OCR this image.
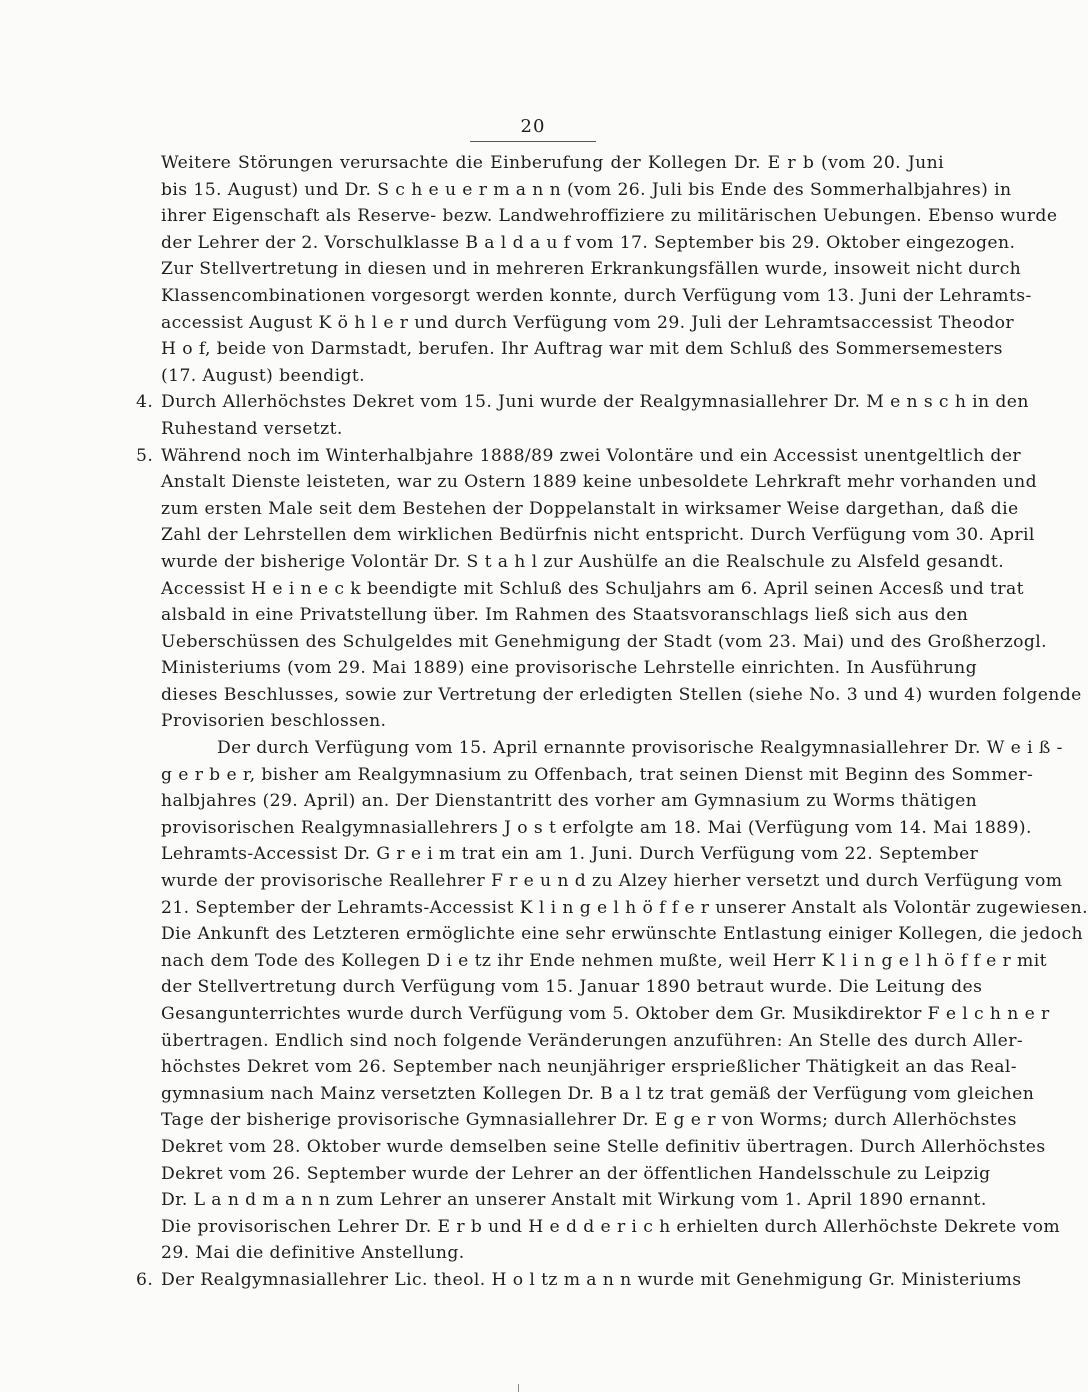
20
Weitere Störungen verursachte die Einberufung der Kollegen Dr. E r b (vom 20. Juni
bis 15. August) und Dr. S c h e u e r m a n n (vom 26. Juli bis Ende des Sommerhalbjahres) in
ihrer Eigenschaft als Reserve- bezw. Landwehroffiziere zu militärischen Uebungen. Ebenso wurde
der Lehrer der 2. Vorschulklasse B a l d a u f vom 17. September bis 29. Oktober eingezogen.
Zur Stellvertretung in diesen und in mehreren Erkrankungsfällen wurde, insoweit nicht durch
Klassencombinationen vorgesorgt werden konnte, durch Verfügung vom 13. Juni der Lehramts-
accessist August K ö h l e r und durch Verfügung vom 29. Juli der Lehramtsaccessist Theodor
H o f, beide von Darmstadt, berufen. Ihr Auftrag war mit dem Schluß des Sommersemesters
(17. August) beendigt.
4. Durch Allerhöchstes Dekret vom 15. Juni wurde der Realgymnasiallehrer Dr. M e n s c h in den
Ruhestand versetzt.
5. Während noch im Winterhalbjahre 1888/89 zwei Volontäre und ein Accessist unentgeltlich der
Anstalt Dienste leisteten, war zu Ostern 1889 keine unbesoldete Lehrkraft mehr vorhanden und
zum ersten Male seit dem Bestehen der Doppelanstalt in wirksamer Weise dargethan, daß die
Zahl der Lehrstellen dem wirklichen Bedürfnis nicht entspricht. Durch Verfügung vom 30. April
wurde der bisherige Volontär Dr. S t a h l zur Aushülfe an die Realschule zu Alsfeld gesandt.
Accessist H e i n e c k beendigte mit Schluß des Schuljahrs am 6. April seinen Accesß und trat
alsbald in eine Privatstellung über. Im Rahmen des Staatsvoranschlags ließ sich aus den
Ueberschüssen des Schulgeldes mit Genehmigung der Stadt (vom 23. Mai) und des Großherzogl.
Ministeriums (vom 29. Mai 1889) eine provisorische Lehrstelle einrichten. In Ausführung
dieses Beschlusses, sowie zur Vertretung der erledigten Stellen (siehe No. 3 und 4) wurden folgende
Provisorien beschlossen.
Der durch Verfügung vom 15. April ernannte provisorische Realgymnasiallehrer Dr. W e i ß -
g e r b e r, bisher am Realgymnasium zu Offenbach, trat seinen Dienst mit Beginn des Sommer-
halbjahres (29. April) an. Der Dienstantritt des vorher am Gymnasium zu Worms thätigen
provisorischen Realgymnasiallehrers J o s t erfolgte am 18. Mai (Verfügung vom 14. Mai 1889).
Lehramts-Accessist Dr. G r e i m trat ein am 1. Juni. Durch Verfügung vom 22. September
wurde der provisorische Reallehrer F r e u n d zu Alzey hierher versetzt und durch Verfügung vom
21. September der Lehramts-Accessist K l i n g e l h ö f f e r unserer Anstalt als Volontär zugewiesen.
Die Ankunft des Letzteren ermöglichte eine sehr erwünschte Entlastung einiger Kollegen, die jedoch
nach dem Tode des Kollegen D i e tz ihr Ende nehmen mußte, weil Herr K l i n g e l h ö f f e r mit
der Stellvertretung durch Verfügung vom 15. Januar 1890 betraut wurde. Die Leitung des
Gesangunterrichtes wurde durch Verfügung vom 5. Oktober dem Gr. Musikdirektor F e l c h n e r
übertragen. Endlich sind noch folgende Veränderungen anzuführen: An Stelle des durch Aller-
höchstes Dekret vom 26. September nach neunjähriger ersprießlicher Thätigkeit an das Real-
gymnasium nach Mainz versetzten Kollegen Dr. B a l tz trat gemäß der Verfügung vom gleichen
Tage der bisherige provisorische Gymnasiallehrer Dr. E g e r von Worms; durch Allerhöchstes
Dekret vom 28. Oktober wurde demselben seine Stelle definitiv übertragen. Durch Allerhöchstes
Dekret vom 26. September wurde der Lehrer an der öffentlichen Handelsschule zu Leipzig
Dr. L a n d m a n n zum Lehrer an unserer Anstalt mit Wirkung vom 1. April 1890 ernannt.
Die provisorischen Lehrer Dr. E r b und H e d d e r i c h erhielten durch Allerhöchste Dekrete vom
29. Mai die definitive Anstellung.
6. Der Realgymnasiallehrer Lic. theol. H o l tz m a n n wurde mit Genehmigung Gr. Ministeriums
